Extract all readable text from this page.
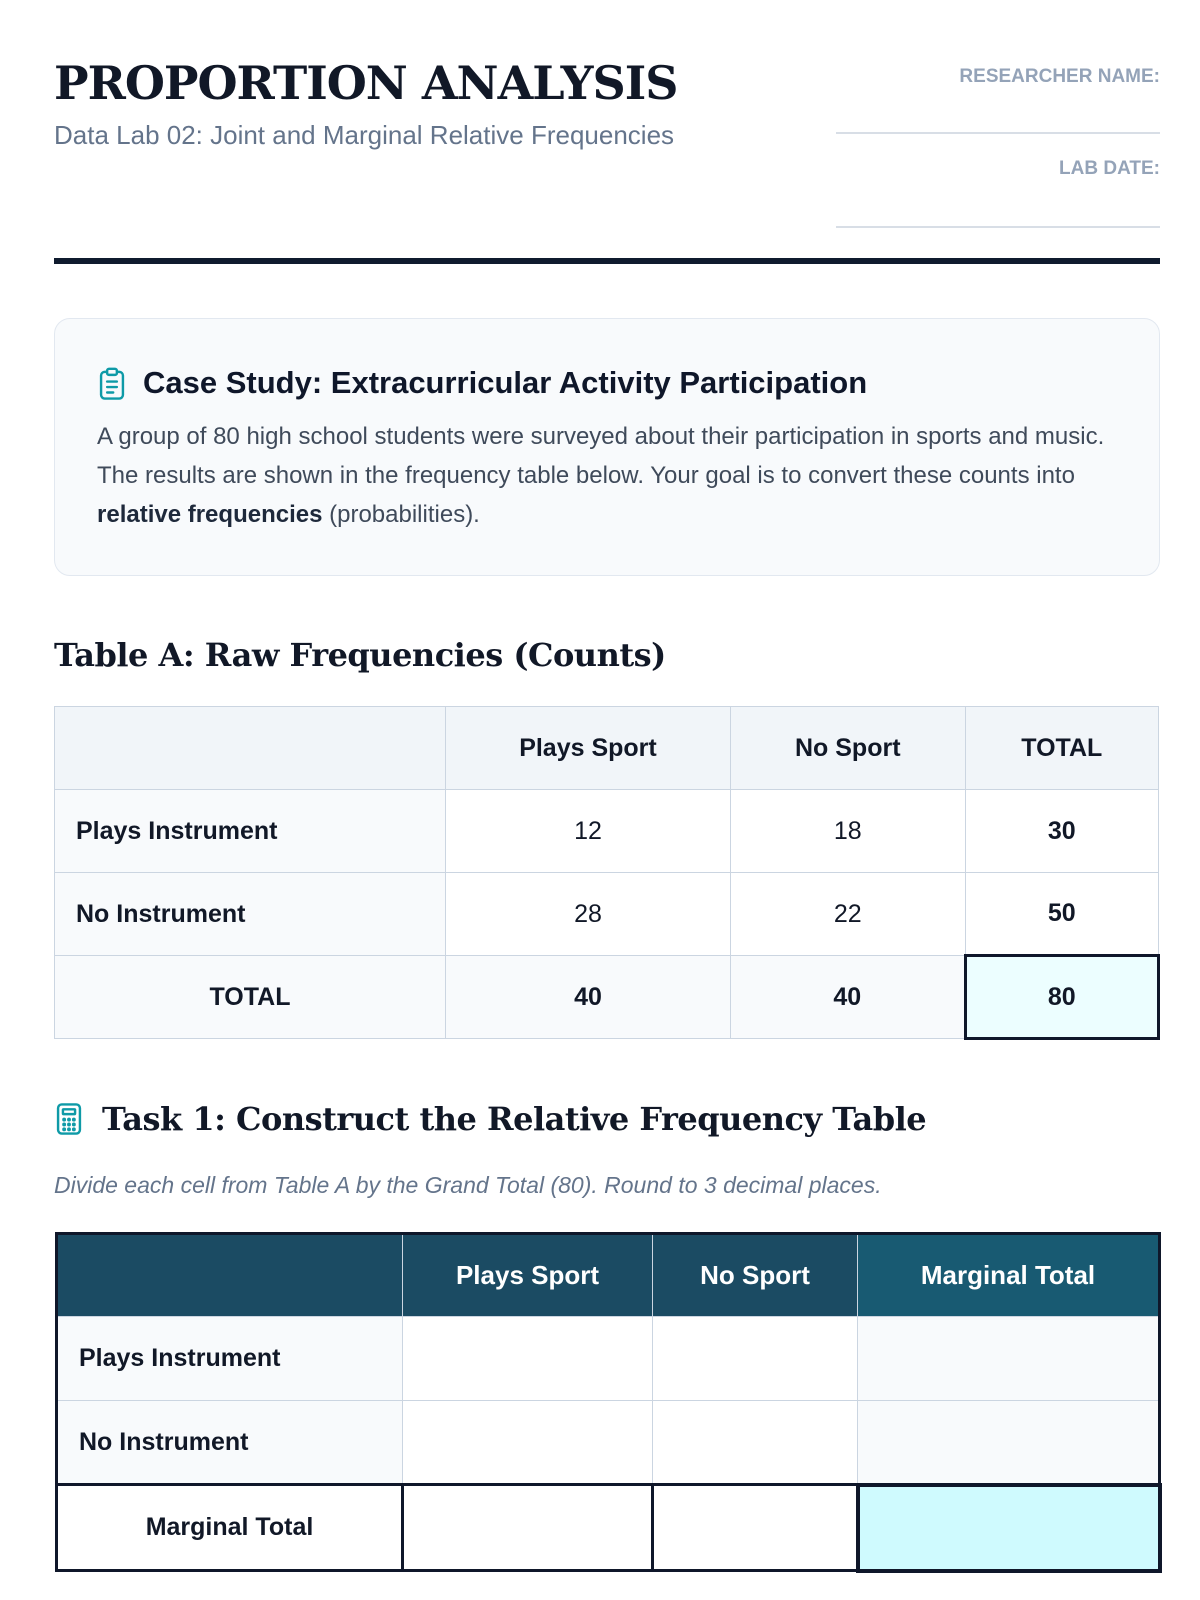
PROPORTION ANALYSIS
Data Lab 02: Joint and Marginal Relative Frequencies
RESEARCHER NAME:
LAB DATE:
Case Study: Extracurricular Activity Participation
A group of 80 high school students were surveyed about their participation in sports and music. The results are shown in the frequency table below. Your goal is to convert these counts into relative frequencies (probabilities).
Table A: Raw Frequencies (Counts)
	Plays Sport	No Sport	TOTAL
Plays Instrument	12	18	30
No Instrument	28	22	50
TOTAL	40	40	80
Task 1: Construct the Relative Frequency Table
Divide each cell from Table A by the Grand Total (80). Round to 3 decimal places.
	Plays Sport	No Sport	Marginal Total
Plays Instrument			
No Instrument			
Marginal Total			
